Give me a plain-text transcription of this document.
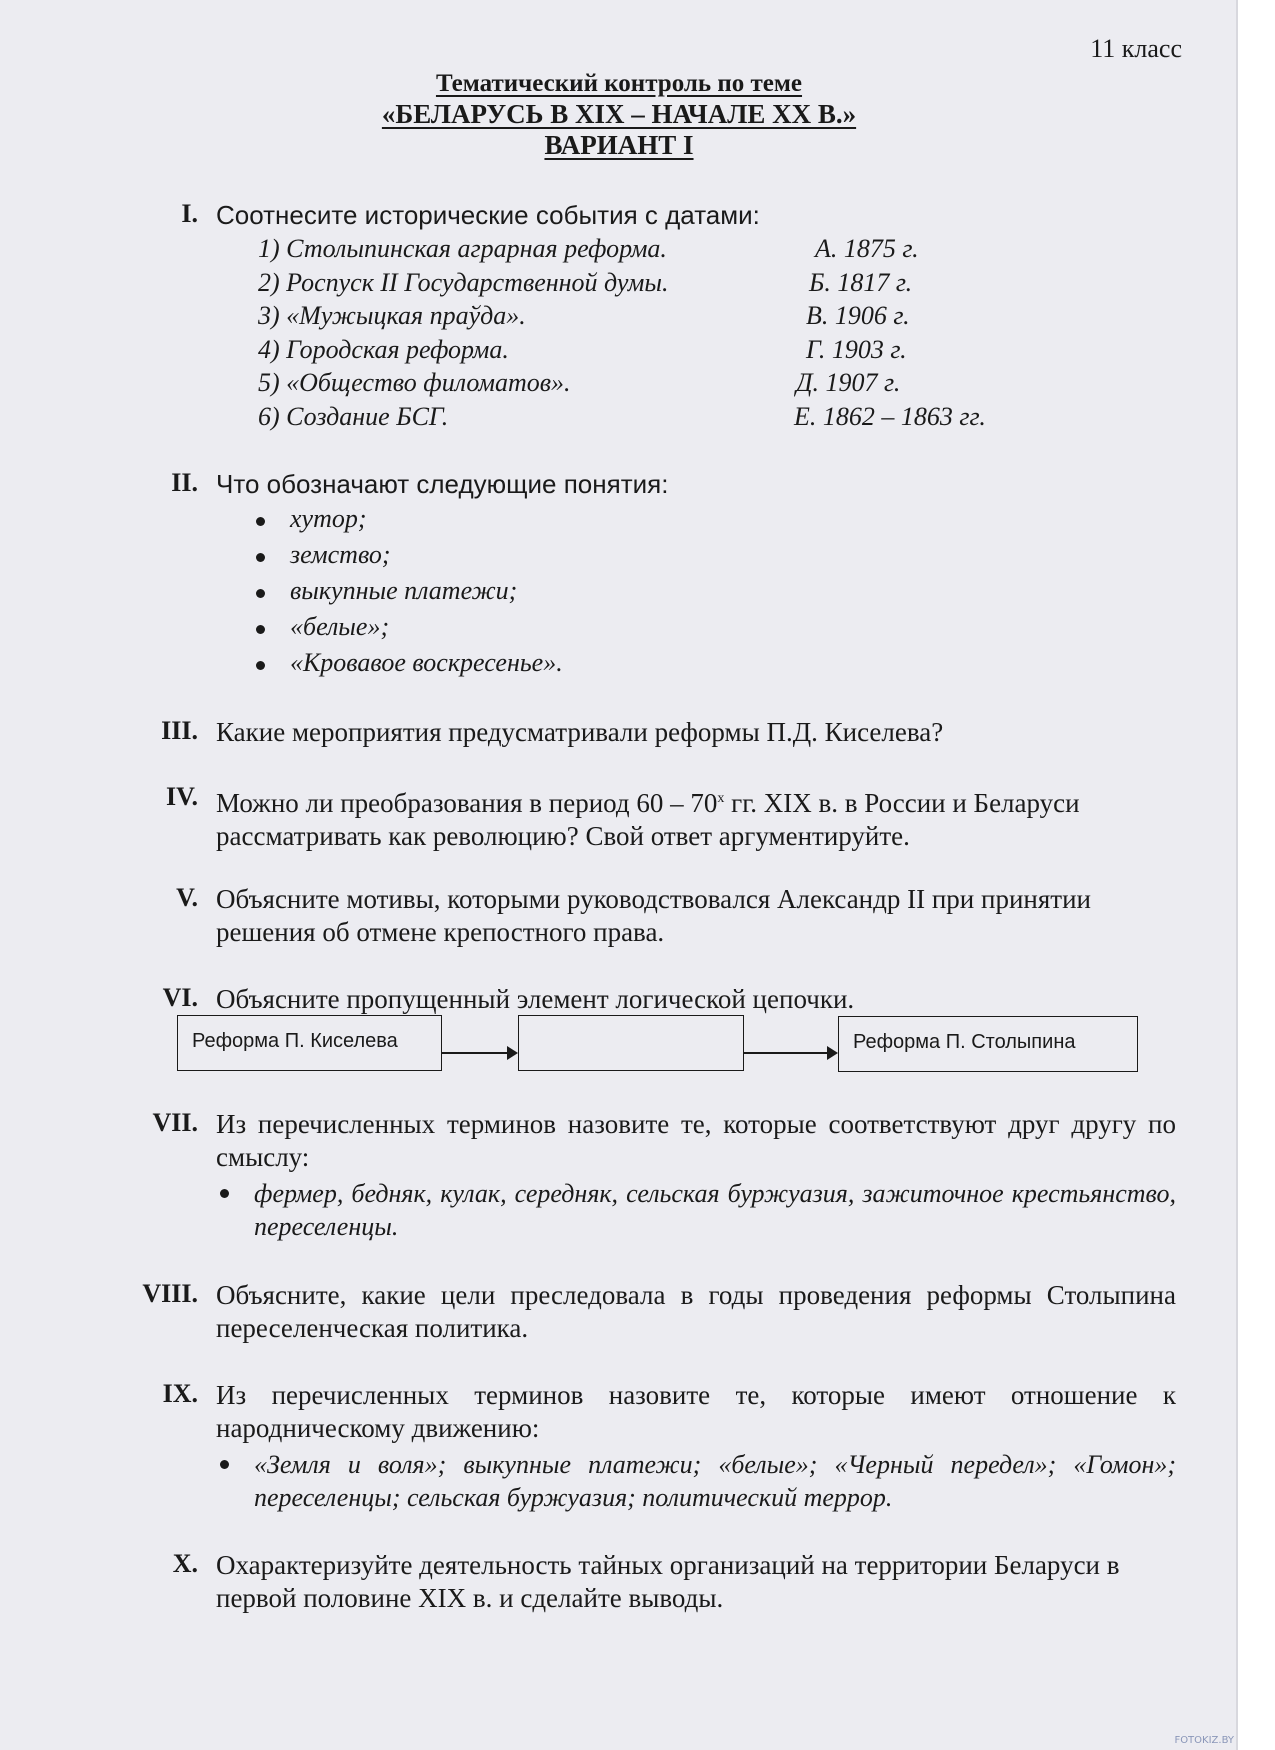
11 класс
Тематический контроль по теме
«БЕЛАРУСЬ В XIX – НАЧАЛЕ XX В.»
ВАРИАНТ I
I. Соотнесите исторические события с датами:
1) Столыпинская аграрная реформа.	А. 1875 г.
2) Роспуск II Государственной думы.	Б. 1817 г.
3) «Мужыцкая праўда».	В. 1906 г.
4) Городская реформа.	Г. 1903 г.
5) «Общество филоматов».	Д. 1907 г.
6) Создание БСГ.	Е. 1862 – 1863 гг.
II. Что обозначают следующие понятия:
хутор;
земство;
выкупные платежи;
«белые»;
«Кровавое воскресенье».
III. Какие мероприятия предусматривали реформы П.Д. Киселева?
IV. Можно ли преобразования в период $60 - 70^х$ гг. XIX в. в России и Беларуси рассматривать как революцию? Свой ответ аргументируйте.
V. Объясните мотивы, которыми руководствовался Александр II при принятии решения об отмене крепостного права.
VI. Объясните пропущенный элемент логической цепочки.
Реформа П. Киселева	Реформа П. Столыпина
VII. Из перечисленных терминов назовите те, которые соответствуют друг другу по смыслу:
фермер, бедняк, кулак, середняк, сельская буржуазия, зажиточное крестьянство, переселенцы.
VIII. Объясните, какие цели преследовала в годы проведения реформы Столыпина переселенческая политика.
IX. Из перечисленных терминов назовите те, которые имеют отношение к народническому движению:
«Земля и воля»; выкупные платежи; «белые»; «Черный передел»; «Гомон»; переселенцы; сельская буржуазия; политический террор.
X. Охарактеризуйте деятельность тайных организаций на территории Беларуси в первой половине XIX в. и сделайте выводы.
FOTOKIZ.BY
